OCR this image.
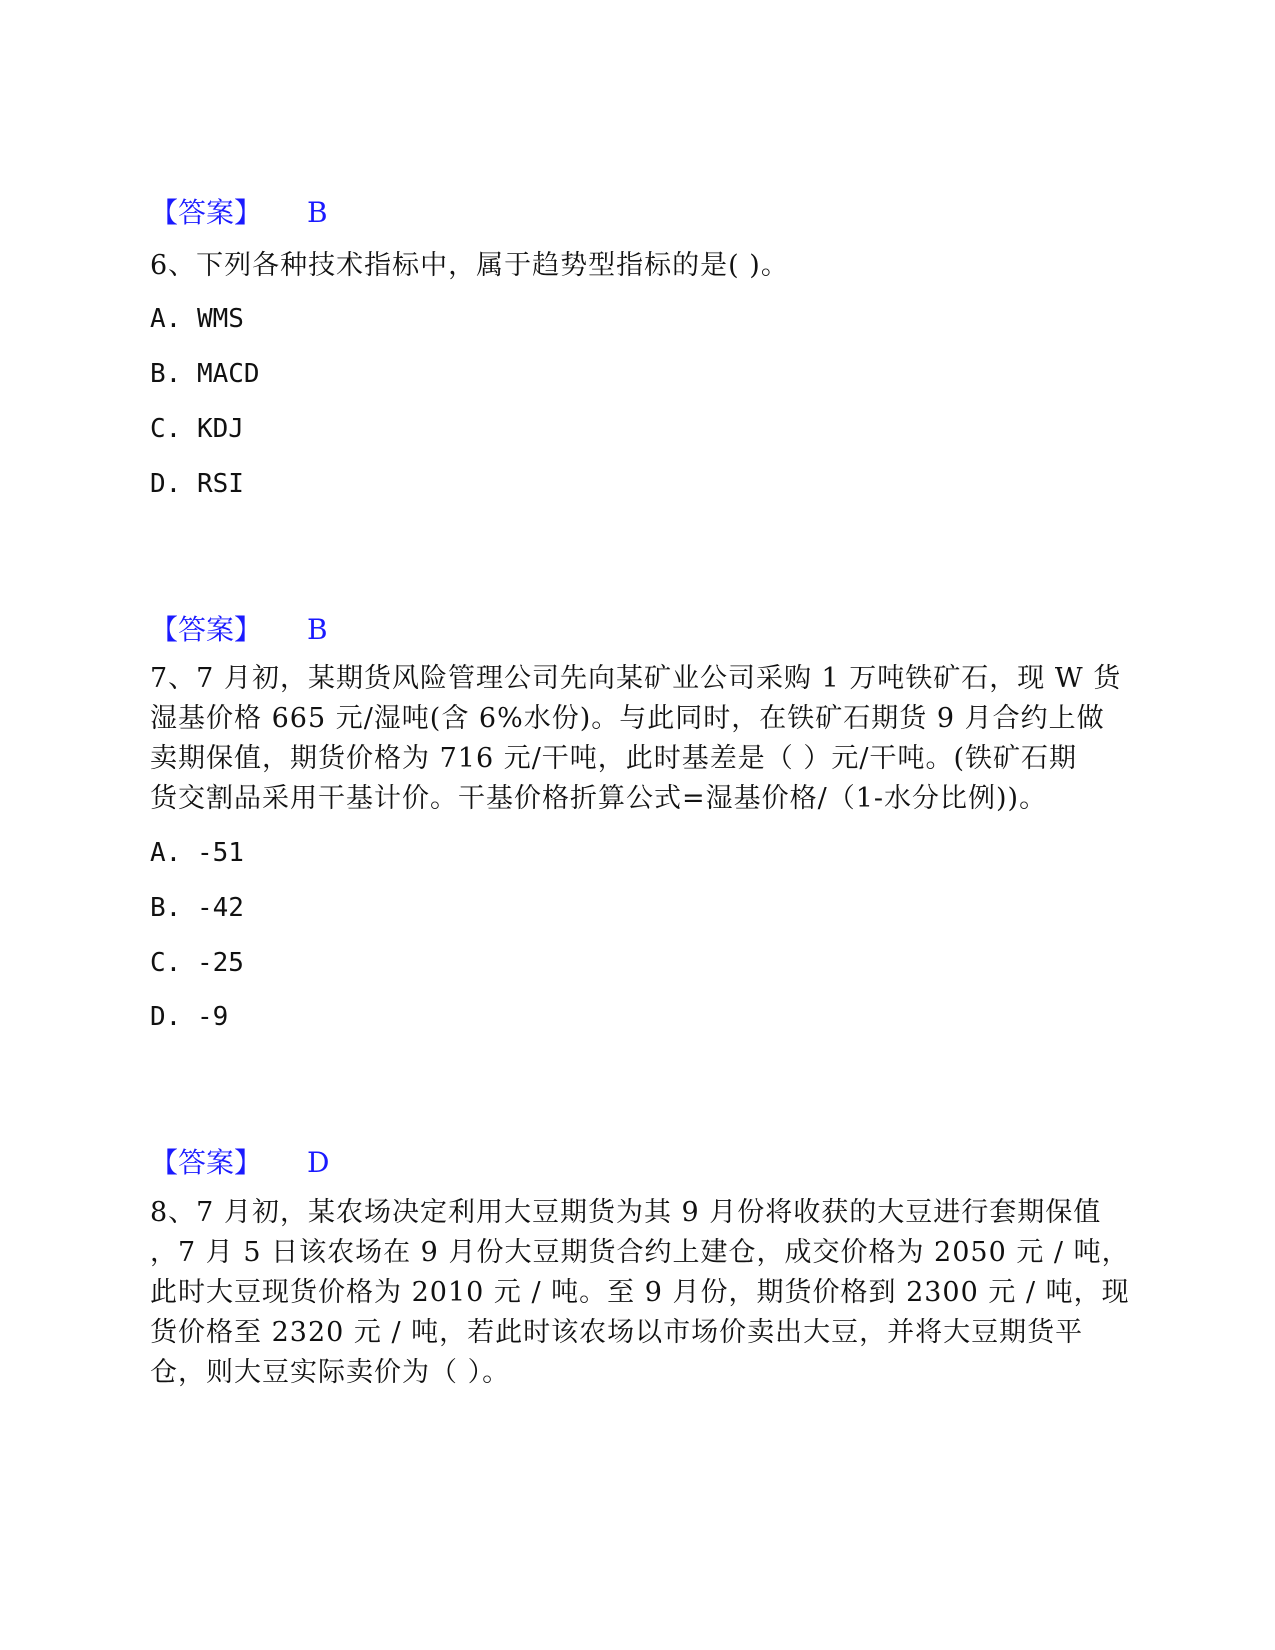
【答案】 B
6、下列各种技术指标中，属于趋势型指标的是( )。
A. WMS
B. MACD
C. KDJ
D. RSI
【答案】 B
7、7 月初，某期货风险管理公司先向某矿业公司采购 1 万吨铁矿石，现 W 货
湿基价格 665 元/湿吨(含 6%水份)。与此同时，在铁矿石期货 9 月合约上做
卖期保值，期货价格为 716 元/干吨，此时基差是（ ）元/干吨。(铁矿石期
货交割品采用干基计价。干基价格折算公式=湿基价格/（1-水分比例))。
A. -51
B. -42
C. -25
D. -9
【答案】 D
8、7 月初，某农场决定利用大豆期货为其 9 月份将收获的大豆进行套期保值
，7 月 5 日该农场在 9 月份大豆期货合约上建仓，成交价格为 2050 元 / 吨，
此时大豆现货价格为 2010 元 / 吨。至 9 月份，期货价格到 2300 元 / 吨，现
货价格至 2320 元 / 吨，若此时该农场以市场价卖出大豆，并将大豆期货平
仓，则大豆实际卖价为（ ）。
